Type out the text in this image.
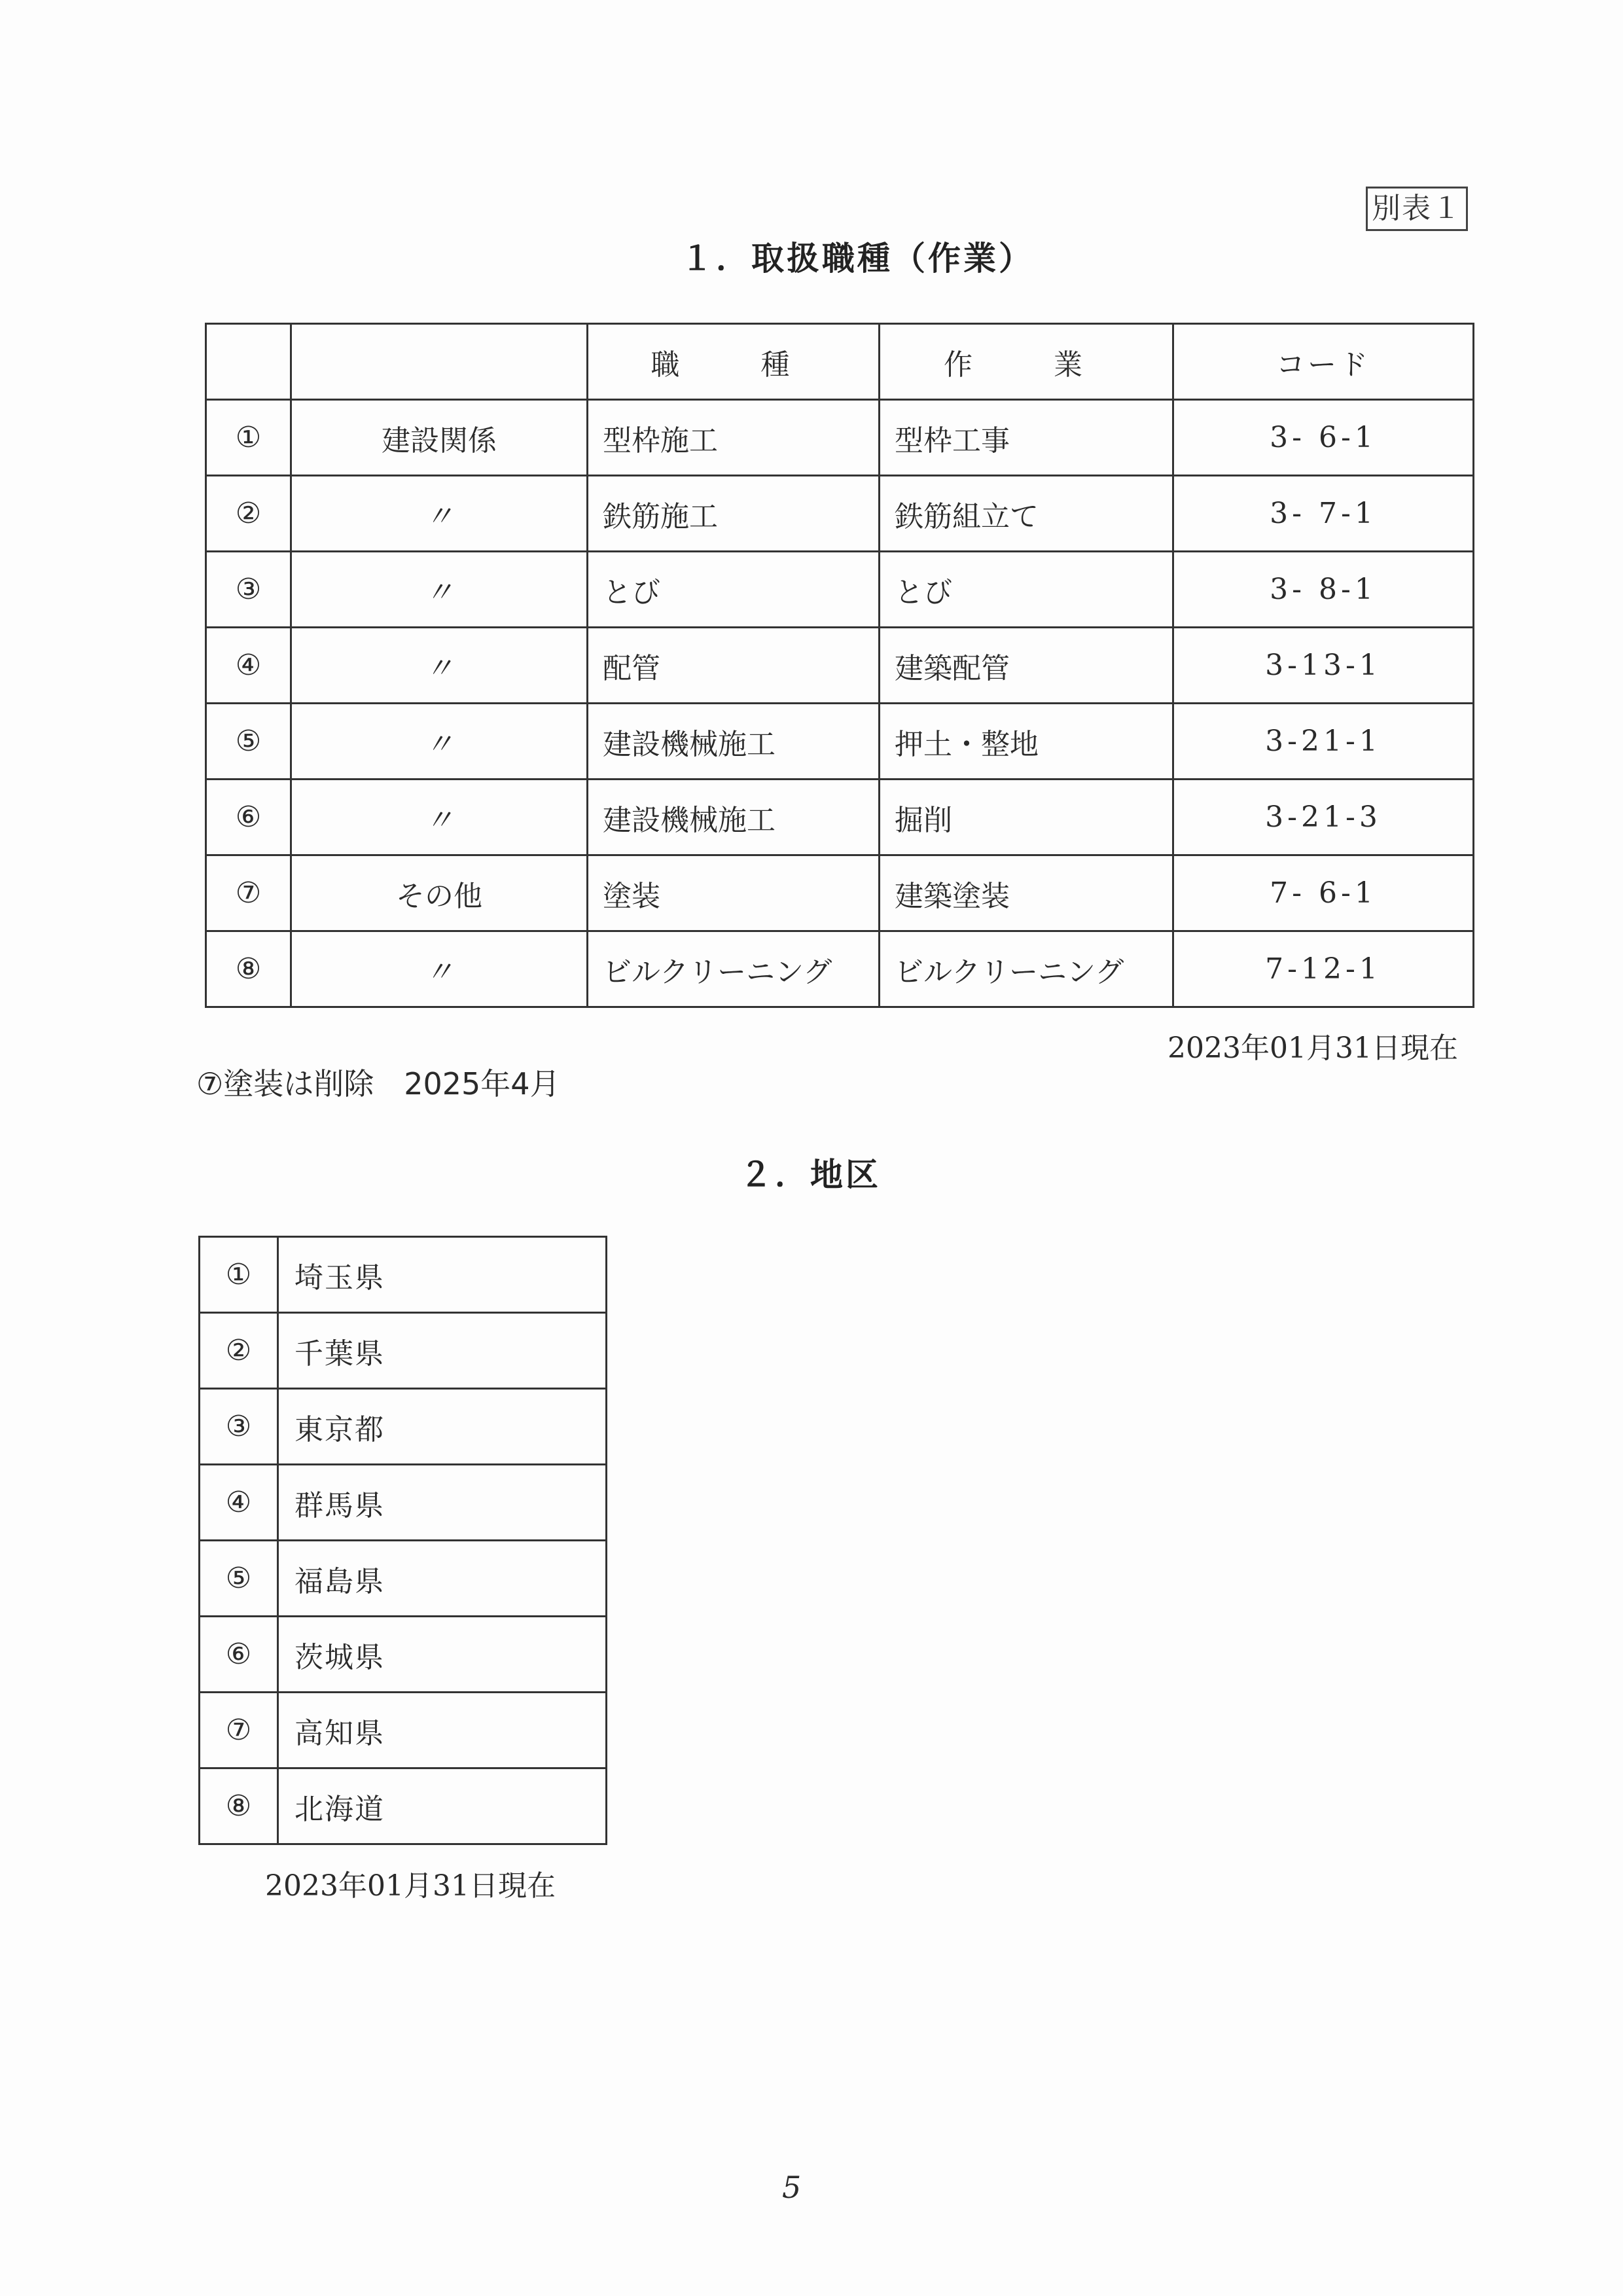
別表１
１．取扱職種（作業）
		職　種	作　業	コード
①	建設関係	型枠施工	型枠工事	3- 6-1
②	〃	鉄筋施工	鉄筋組立て	3- 7-1
③	〃	とび	とび	3- 8-1
④	〃	配管	建築配管	3-13-1
⑤	〃	建設機械施工	押土・整地	3-21-1
⑥	〃	建設機械施工	掘削	3-21-3
⑦	その他	塗装	建築塗装	7- 6-1
⑧	〃	ビルクリーニング	ビルクリーニング	7-12-1
2023年01月31日現在
⑦塗装は削除　2025年4月
２．地区
①	埼玉県
②	千葉県
③	東京都
④	群馬県
⑤	福島県
⑥	茨城県
⑦	高知県
⑧	北海道
2023年01月31日現在
5
